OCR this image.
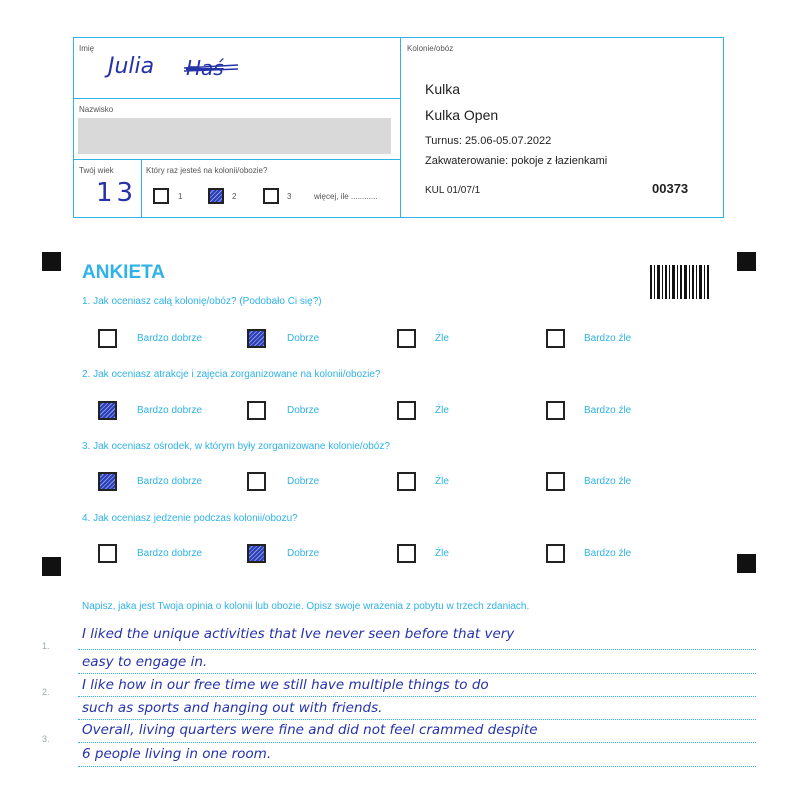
Imię
Julia Haś
Nazwisko
Twój wiek
13
Który raz jesteś na kolonii/obozie?
1	2	3	więcej, ile ............
Kolonie/obóz
Kulka
Kulka Open
Turnus: 25.06-05.07.2022
Zakwaterowanie: pokoje z łazienkami
KUL 01/07/1	00373
ANKIETA
1. Jak oceniasz całą kolonię/obóz? (Podobało Ci się?)
Bardzo dobrze	Dobrze	Źle	Bardzo źle
2. Jak oceniasz atrakcje i zajęcia zorganizowane na kolonii/obozie?
Bardzo dobrze	Dobrze	Źle	Bardzo źle
3. Jak oceniasz ośrodek, w którym były zorganizowane kolonie/obóz?
Bardzo dobrze	Dobrze	Źle	Bardzo źle
4. Jak oceniasz jedzenie podczas kolonii/obozu?
Bardzo dobrze	Dobrze	Źle	Bardzo źle
Napisz, jaka jest Twoja opinia o kolonii lub obozie. Opisz swoje wrażenia z pobytu w trzech zdaniach.
1.
2.
3.
I liked the unique activities that Ive never seen before that very
easy to engage in.
I like how in our free time we still have multiple things to do
such as sports and hanging out with friends.
Overall, living quarters were fine and did not feel crammed despite
6 people living in one room.
